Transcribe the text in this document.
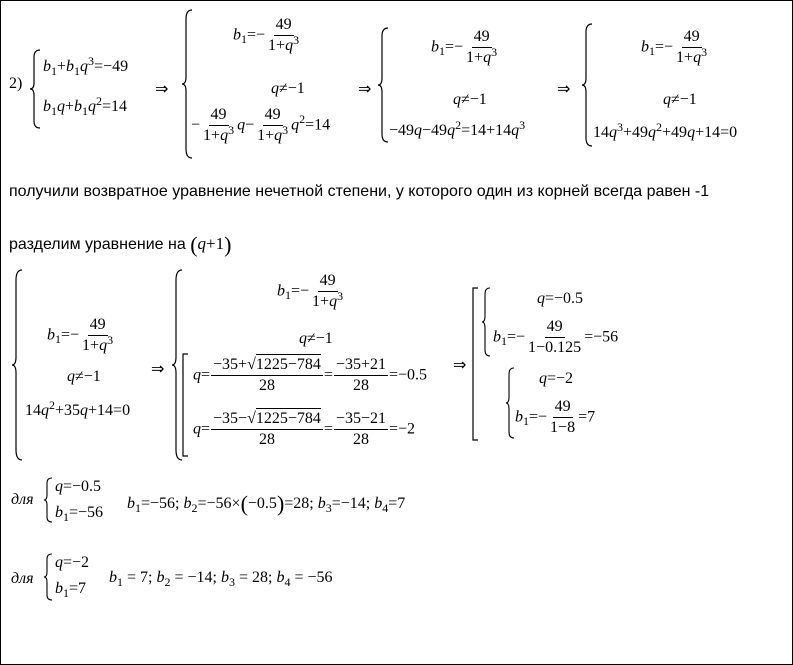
2)
$b_1+b_1q^3=-49$
$b_1q+b_1q^2=14$
⇒
$b_1=- \frac{49}{1+q^3}$
q≠−1
− $\frac{49}{1+q^3} q- \frac{49}{1+q^3} q^2=14$
⇒
$b_1=- \frac{49}{1+q^3}$
q≠−1
$-49q-49q^2=14+14q^3$
⇒
$b_1=- \frac{49}{1+q^3}$
q≠−1
$14q^3+49q^2+49q+14=0$
получили возвратное уравнение нечетной степени, у которого один из корней всегда равен -1
разделим уравнение на (q+1)
$b_1=- \frac{49}{1+q^3}$
q≠−1
$14q^2+35q+14=0$
⇒
$b_1=- \frac{49}{1+q^3}$
q≠−1
$q= \frac{-35+√1225-784}{28} = \frac{-35+21}{28} =-0.5$
$q= \frac{-35-√1225-784}{28} = \frac{-35-21}{28} =-2$
⇒
q=−0.5
$b_1=- \frac{49}{1-0.125} =-56$
q=−2
$b_1=- \frac{49}{1-8} =7$
для
q=−0.5
$b_1=-56$
$b_1=-56$; $b_2=-56\times(-0.5)=28$; $b_3=-14$; $b_4=7$
для
q=−2
$b_1=7$
$b_1 = 7$; $b_2 = -14$; $b_3 = 28$; $b_4 = -56$
